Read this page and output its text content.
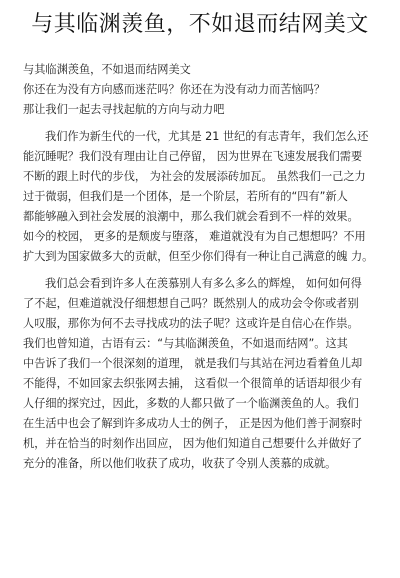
与其临渊羡鱼，不如退而结网美文
与其临渊羡鱼，不如退而结网美文
你还在为没有方向感而迷茫吗？你还在为没有动力而苦恼吗？
那让我们一起去寻找起航的方向与动力吧
我们作为新生代的一代，尤其是 21 世纪的有志青年，我们怎么还
能沉睡呢？我们没有理由让自己停留， 因为世界在飞速发展我们需要
不断的跟上时代的步伐， 为社会的发展添砖加瓦。 虽然我们一己之力
过于微弱，但我们是一个团体，是一个阶层，若所有的“四有”新人
都能够融入到社会发展的浪潮中，那么我们就会看到不一样的效果。
如今的校园， 更多的是颓废与堕落， 难道就没有为自己想想吗？不用
扩大到为国家做多大的贡献，但至少你们得有一种让自己满意的魄 力。
我们总会看到许多人在羡慕别人有多么多么的辉煌， 如何如何得
了不起，但难道就没仔细想想自己吗？既然别人的成功会令你或者别
人叹服，那你为何不去寻找成功的法子呢？这或许是自信心在作祟。
我们也曾知道，古语有云：“与其临渊羡鱼，不如退而结网”。这其
中告诉了我们一个很深刻的道理， 就是我们与其站在河边看着鱼儿却
不能得，不如回家去织张网去捕， 这看似一个很简单的话语却很少有
人仔细的探究过，因此，多数的人都只做了一个临渊羡鱼的人。我们
在生活中也会了解到许多成功人士的例子， 正是因为他们善于洞察时
机，并在恰当的时刻作出回应， 因为他们知道自己想要什么并做好了
充分的准备，所以他们收获了成功，收获了令别人羡慕的成就。
